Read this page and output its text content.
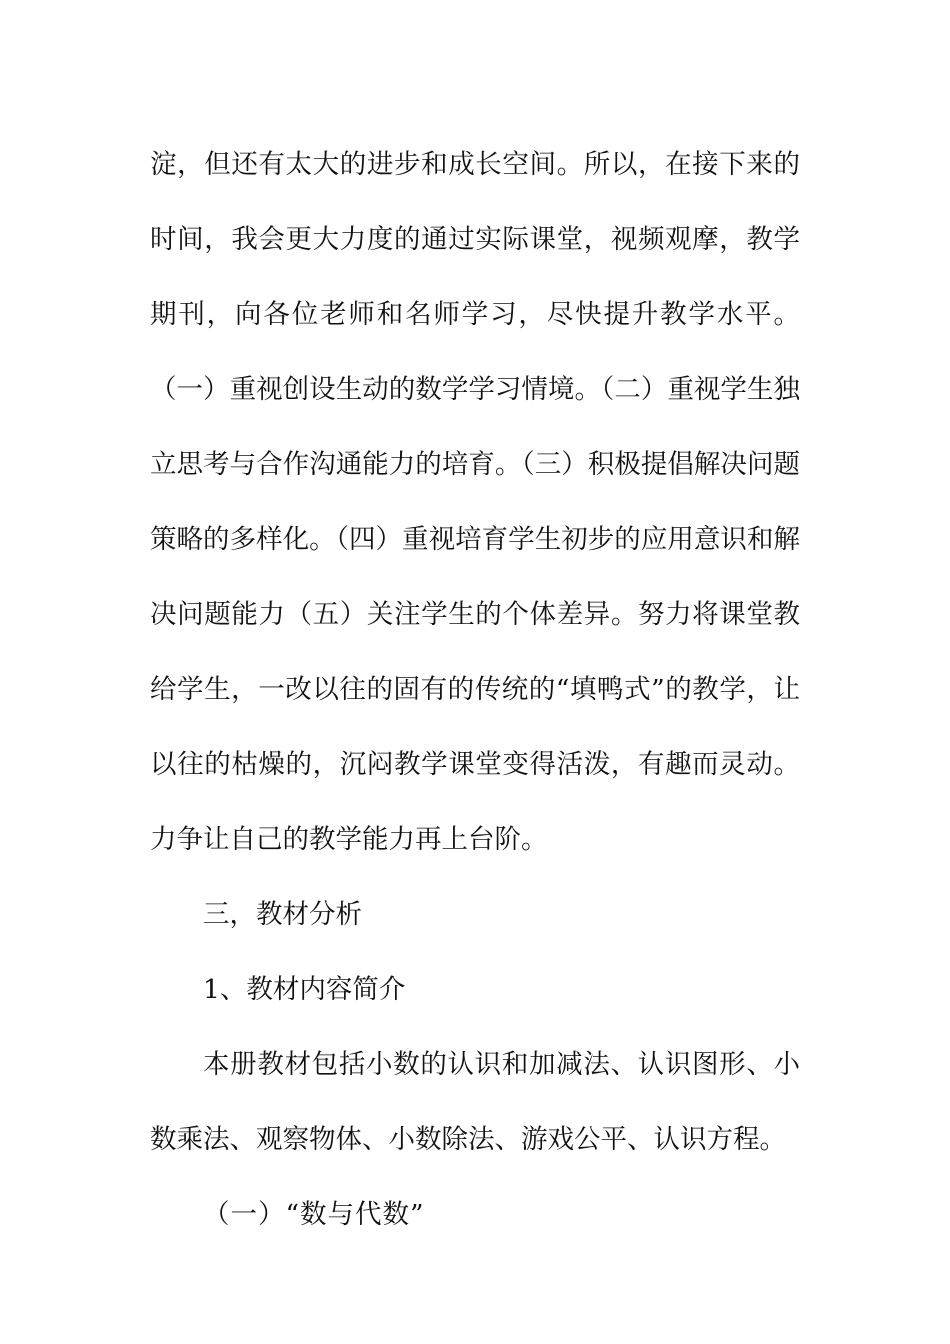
淀，但还有太大的进步和成长空间。所以，在接下来的时间，我会更大力度的通过实际课堂，视频观摩，教学期刊，向各位老师和名师学习，尽快提升教学水平。（一）重视创设生动的数学学习情境。（二）重视学生独立思考与合作沟通能力的培育。（三）积极提倡解决问题策略的多样化。（四）重视培育学生初步的应用意识和解决问题能力（五）关注学生的个体差异。努力将课堂教给学生，一改以往的固有的传统的“填鸭式”的教学，让以往的枯燥的，沉闷教学课堂变得活泼，有趣而灵动。力争让自己的教学能力再上台阶。

三，教材分析

1、教材内容简介

本册教材包括小数的认识和加减法、认识图形、小数乘法、观察物体、小数除法、游戏公平、认识方程。

（一）“数与代数”
